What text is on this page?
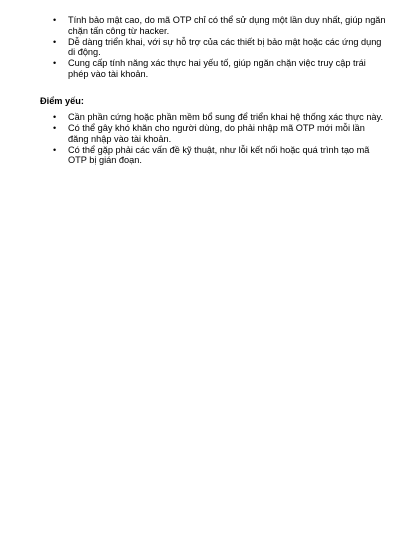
• Tính bảo mật cao, do mã OTP chỉ có thể sử dụng một lần duy nhất, giúp ngăn chặn tấn công từ hacker.
• Dễ dàng triển khai, với sự hỗ trợ của các thiết bị bảo mật hoặc các ứng dụng di động.
• Cung cấp tính năng xác thực hai yếu tố, giúp ngăn chặn việc truy cập trái phép vào tài khoản.
Điểm yếu:
• Cần phần cứng hoặc phần mềm bổ sung để triển khai hệ thống xác thực này.
• Có thể gây khó khăn cho người dùng, do phải nhập mã OTP mới mỗi lần đăng nhập vào tài khoản.
• Có thể gặp phải các vấn đề kỹ thuật, như lỗi kết nối hoặc quá trình tạo mã OTP bị gián đoạn.
